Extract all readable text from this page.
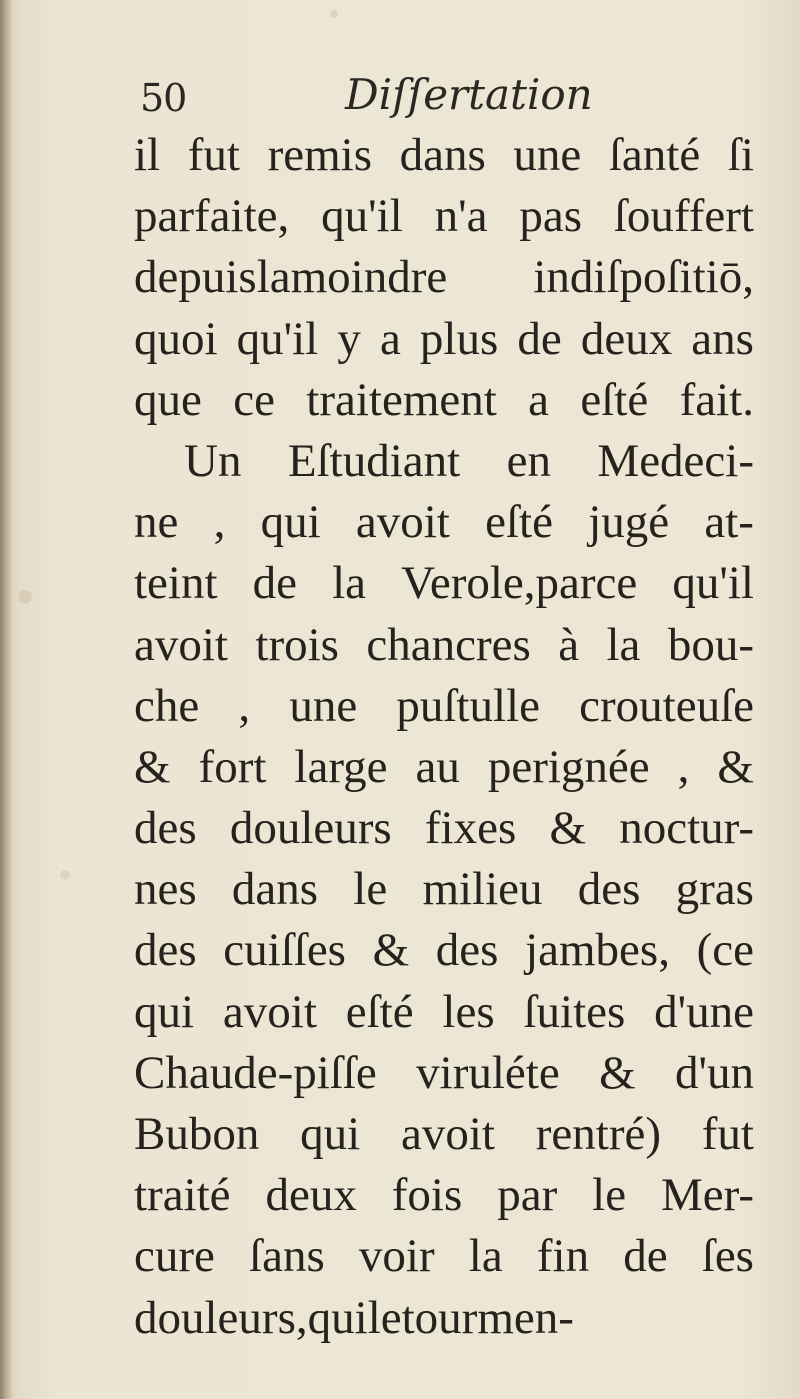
50	Diſſertation
il fut remis dans une ſanté ſi
parfaite, qu'il n'a pas ſouffert
depuislamoindre indiſpoſitiō,
quoi qu'il y a plus de deux ans
que ce traitement a eſté fait.
Un Eſtudiant en Medeci-
ne , qui avoit eſté jugé at-
teint de la Verole,parce qu'il
avoit trois chancres à la bou-
che , une puſtulle crouteuſe
& fort large au perignée , &
des douleurs fixes & noctur-
nes dans le milieu des gras
des cuiſſes & des jambes, (ce
qui avoit eſté les ſuites d'une
Chaude-piſſe viruléte & d'un
Bubon qui avoit rentré) fut
traité deux fois par le Mer-
cure ſans voir la fin de ſes
douleurs , qui le tourmen-
